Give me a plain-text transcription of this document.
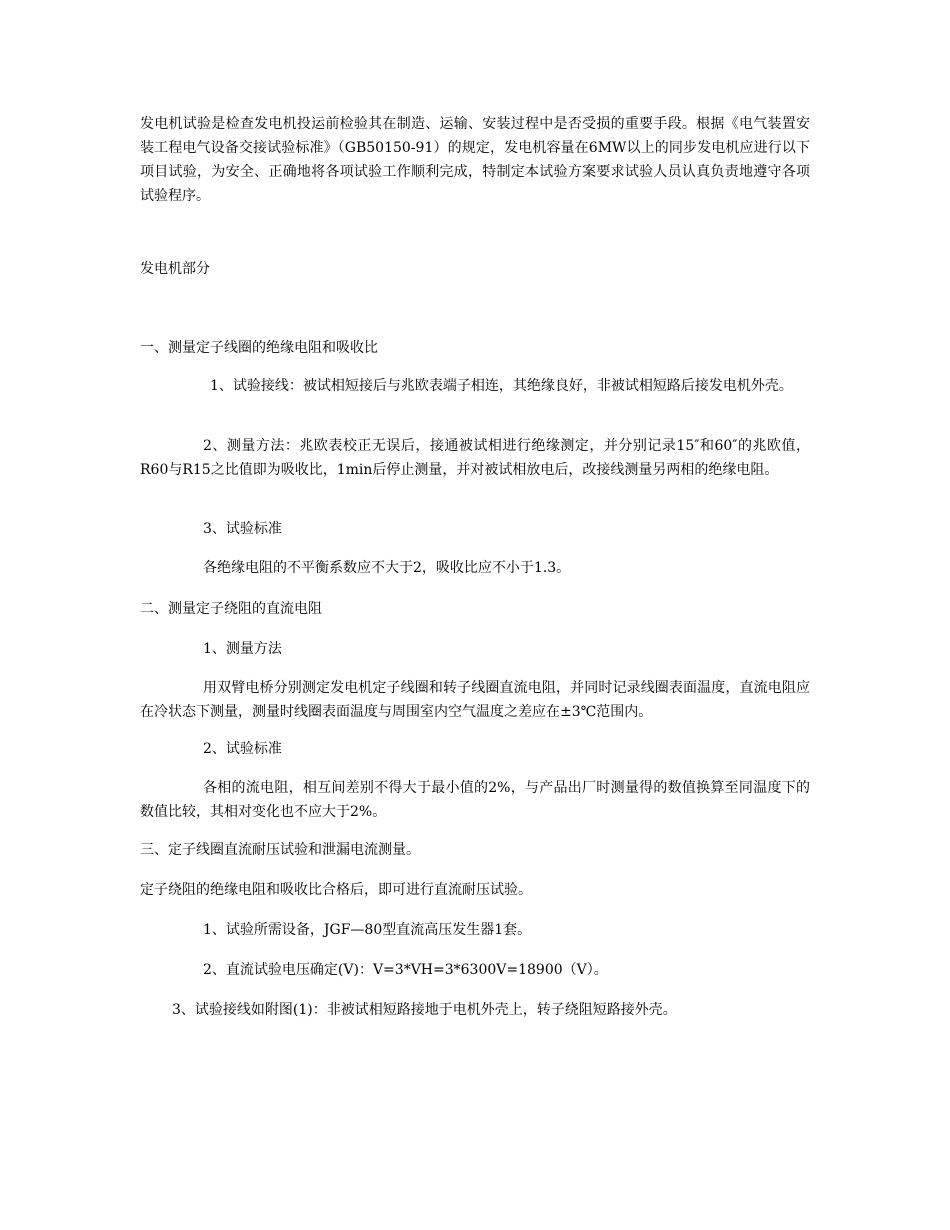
发电机试验是检查发电机投运前检验其在制造、运输、安装过程中是否受损的重要手段。根据《电气装置安装工程电气设备交接试验标准》（GB50150-91）的规定，发电机容量在6MW以上的同步发电机应进行以下项目试验，为安全、正确地将各项试验工作顺利完成，特制定本试验方案要求试验人员认真负责地遵守各项试验程序。

发电机部分

一、测量定子线圈的绝缘电阻和吸收比

1、试验接线：被试相短接后与兆欧表端子相连，其绝缘良好，非被试相短路后接发电机外壳。

2、测量方法：兆欧表校正无误后，接通被试相进行绝缘测定，并分别记录15″和60″的兆欧值，R60与R15之比值即为吸收比，1min后停止测量，并对被试相放电后，改接线测量另两相的绝缘电阻。

3、试验标准

各绝缘电阻的不平衡系数应不大于2，吸收比应不小于1.3。

二、测量定子绕阻的直流电阻

1、测量方法

用双臂电桥分别测定发电机定子线圈和转子线圈直流电阻，并同时记录线圈表面温度，直流电阻应在冷状态下测量，测量时线圈表面温度与周围室内空气温度之差应在±3℃范围内。

2、试验标准

各相的流电阻，相互间差别不得大于最小值的2%，与产品出厂时测量得的数值换算至同温度下的数值比较，其相对变化也不应大于2%。

三、定子线圈直流耐压试验和泄漏电流测量。

定子绕阻的绝缘电阻和吸收比合格后，即可进行直流耐压试验。

1、试验所需设备，JGF—80型直流高压发生器1套。

2、直流试验电压确定(V)：V=3*VH=3*6300V=18900（V）。

3、试验接线如附图(1)：非被试相短路接地于电机外壳上，转子绕阻短路接外壳。
